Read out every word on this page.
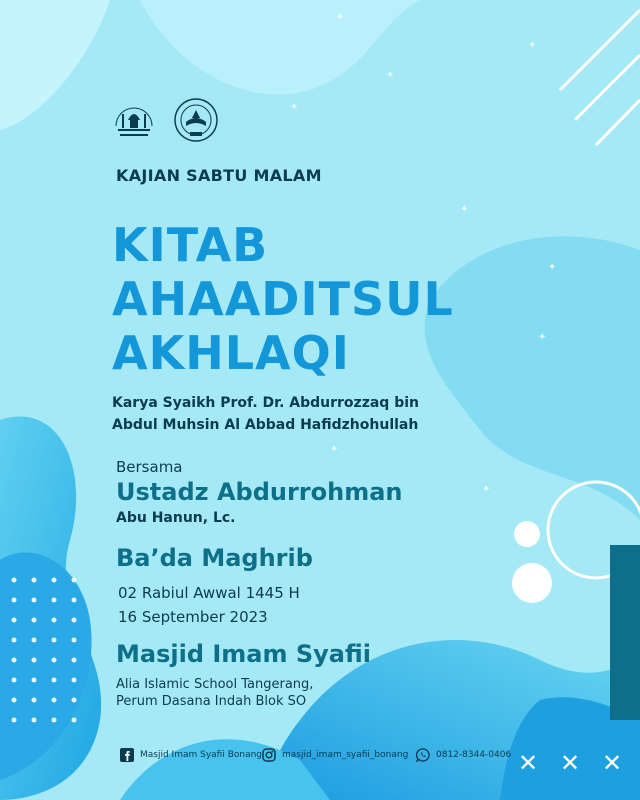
✦
✦
✦
✦
✦
✦
✦
✦
✦
KAJIAN SABTU MALAM
KITAB
AHAADITSUL
AKHLAQI
Karya Syaikh Prof. Dr. Abdurrozzaq bin
Abdul Muhsin Al Abbad Hafidzhohullah
Bersama
Ustadz Abdurrohman
Abu Hanun, Lc.
Ba’da Maghrib
02 Rabiul Awwal 1445 H
16 September 2023
Masjid Imam Syafii
Alia Islamic School Tangerang,
Perum Dasana Indah Blok SO
Masjid Imam Syafii Bonang masjid_imam_syafii_bonang	0812-8344-0406 ✕ ✕ ✕
